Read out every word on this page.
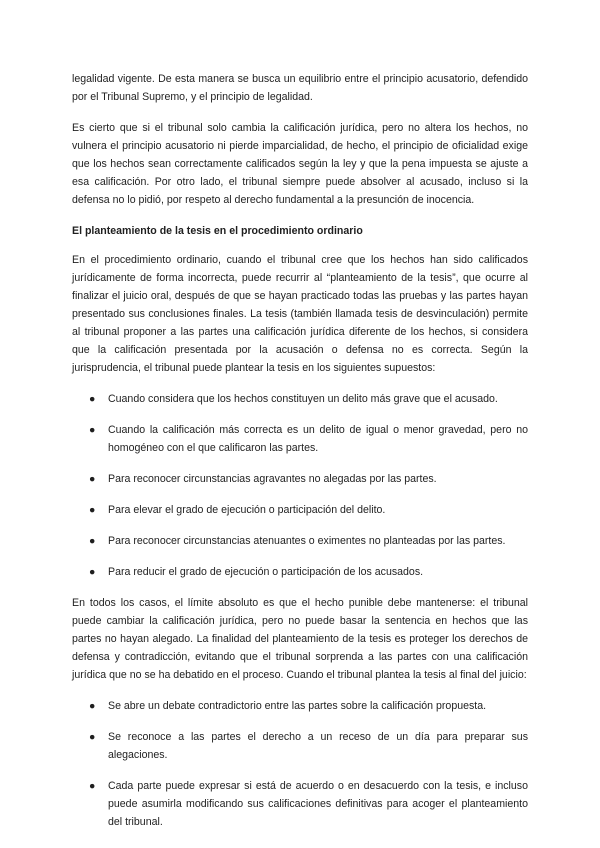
legalidad vigente. De esta manera se busca un equilibrio entre el principio acusatorio, defendido por el Tribunal Supremo, y el principio de legalidad.

Es cierto que si el tribunal solo cambia la calificación jurídica, pero no altera los hechos, no vulnera el principio acusatorio ni pierde imparcialidad, de hecho, el principio de oficialidad exige que los hechos sean correctamente calificados según la ley y que la pena impuesta se ajuste a esa calificación. Por otro lado, el tribunal siempre puede absolver al acusado, incluso si la defensa no lo pidió, por respeto al derecho fundamental a la presunción de inocencia.

El planteamiento de la tesis en el procedimiento ordinario

En el procedimiento ordinario, cuando el tribunal cree que los hechos han sido calificados jurídicamente de forma incorrecta, puede recurrir al “planteamiento de la tesis”, que ocurre al finalizar el juicio oral, después de que se hayan practicado todas las pruebas y las partes hayan presentado sus conclusiones finales. La tesis (también llamada tesis de desvinculación) permite al tribunal proponer a las partes una calificación jurídica diferente de los hechos, si considera que la calificación presentada por la acusación o defensa no es correcta. Según la jurisprudencia, el tribunal puede plantear la tesis en los siguientes supuestos:

● Cuando considera que los hechos constituyen un delito más grave que el acusado.
● Cuando la calificación más correcta es un delito de igual o menor gravedad, pero no homogéneo con el que calificaron las partes.
● Para reconocer circunstancias agravantes no alegadas por las partes.
● Para elevar el grado de ejecución o participación del delito.
● Para reconocer circunstancias atenuantes o eximentes no planteadas por las partes.
● Para reducir el grado de ejecución o participación de los acusados.

En todos los casos, el límite absoluto es que el hecho punible debe mantenerse: el tribunal puede cambiar la calificación jurídica, pero no puede basar la sentencia en hechos que las partes no hayan alegado. La finalidad del planteamiento de la tesis es proteger los derechos de defensa y contradicción, evitando que el tribunal sorprenda a las partes con una calificación jurídica que no se ha debatido en el proceso. Cuando el tribunal plantea la tesis al final del juicio:

● Se abre un debate contradictorio entre las partes sobre la calificación propuesta.
● Se reconoce a las partes el derecho a un receso de un día para preparar sus alegaciones.
● Cada parte puede expresar si está de acuerdo o en desacuerdo con la tesis, e incluso puede asumirla modificando sus calificaciones definitivas para acoger el planteamiento del tribunal.
